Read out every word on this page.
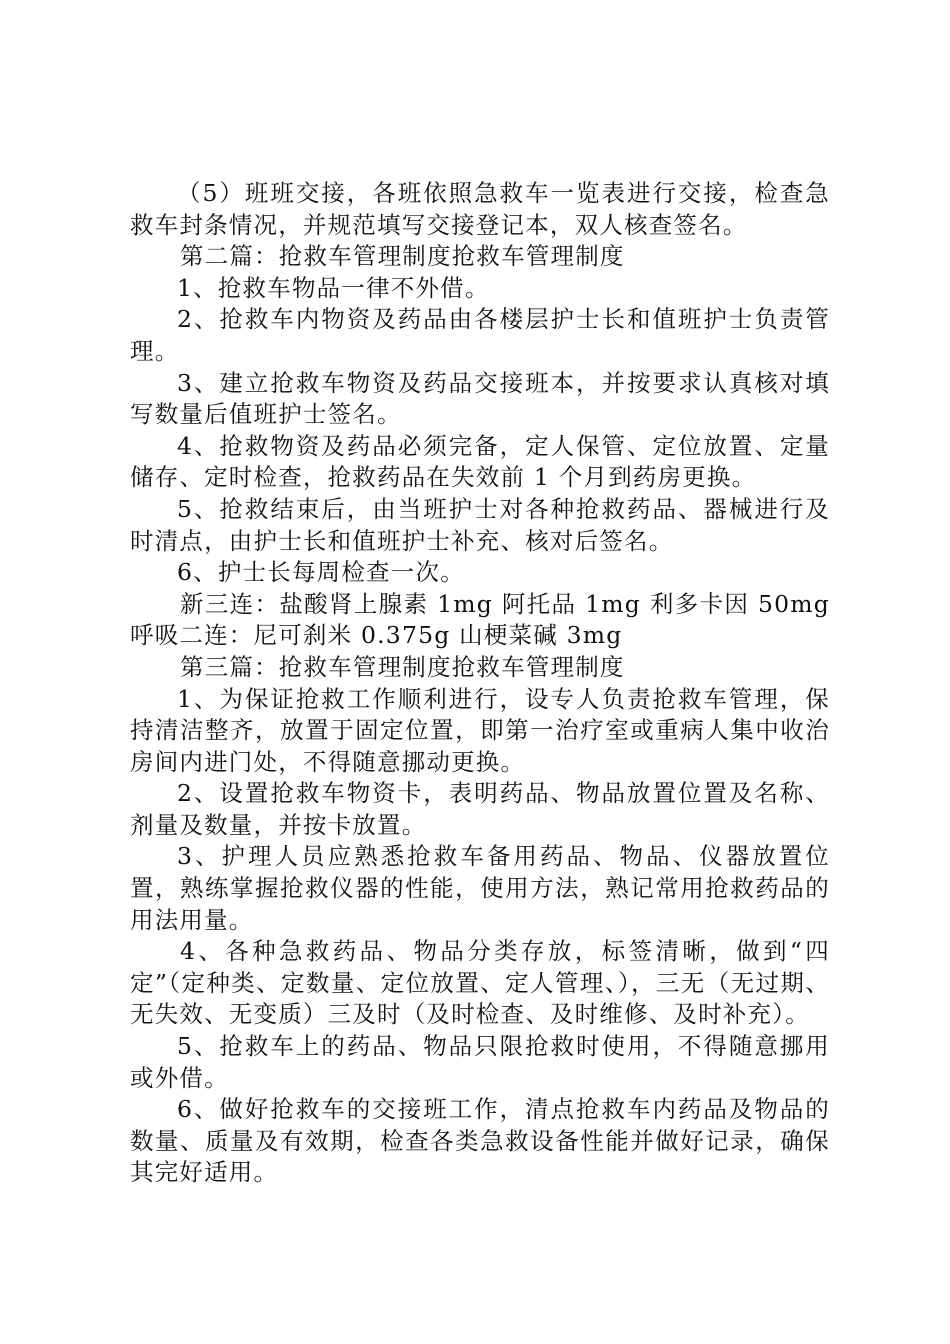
（5）班班交接，各班依照急救车一览表进行交接，检查急救车封条情况，并规范填写交接登记本，双人核查签名。

第二篇：抢救车管理制度抢救车管理制度

1、抢救车物品一律不外借。

2、抢救车内物资及药品由各楼层护士长和值班护士负责管理。

3、建立抢救车物资及药品交接班本，并按要求认真核对填写数量后值班护士签名。

4、抢救物资及药品必须完备，定人保管、定位放置、定量储存、定时检查，抢救药品在失效前 1 个月到药房更换。

5、抢救结束后，由当班护士对各种抢救药品、器械进行及时清点，由护士长和值班护士补充、核对后签名。

6、护士长每周检查一次。

新三连：盐酸肾上腺素 1mg 阿托品 1mg 利多卡因 50mg 呼吸二连：尼可刹米 0.375g 山梗菜碱 3mg

第三篇：抢救车管理制度抢救车管理制度

1、为保证抢救工作顺利进行，设专人负责抢救车管理，保持清洁整齐，放置于固定位置，即第一治疗室或重病人集中收治房间内进门处，不得随意挪动更换。

2、设置抢救车物资卡，表明药品、物品放置位置及名称、剂量及数量，并按卡放置。

3、护理人员应熟悉抢救车备用药品、物品、仪器放置位置，熟练掌握抢救仪器的性能，使用方法，熟记常用抢救药品的用法用量。

4、各种急救药品、物品分类存放，标签清晰，做到“四定”（定种类、定数量、定位放置、定人管理、），三无（无过期、无失效、无变质）三及时（及时检查、及时维修、及时补充）。

5、抢救车上的药品、物品只限抢救时使用，不得随意挪用或外借。

6、做好抢救车的交接班工作，清点抢救车内药品及物品的数量、质量及有效期，检查各类急救设备性能并做好记录，确保其完好适用。
